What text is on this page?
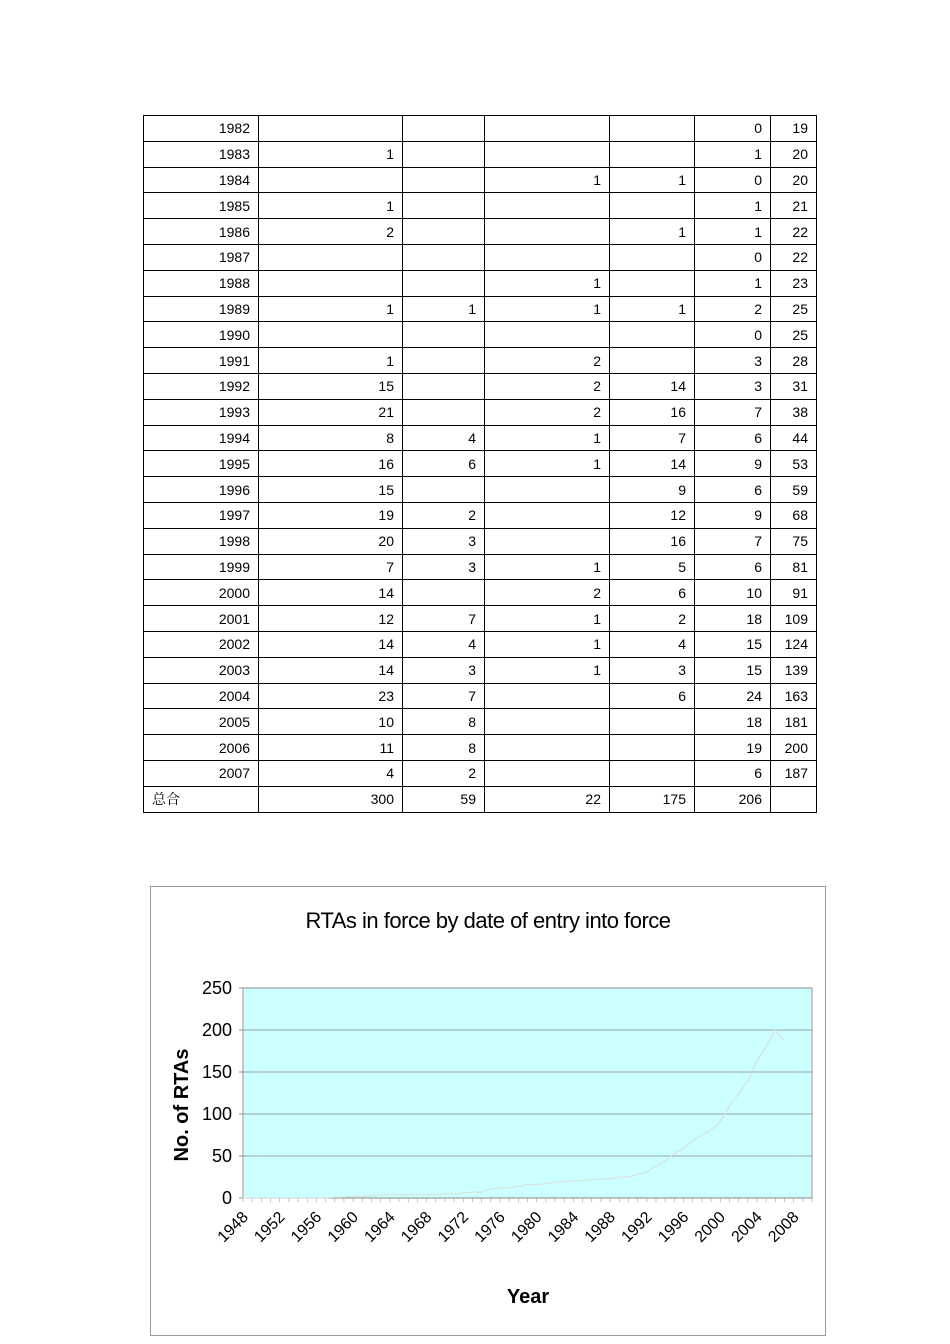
1982					0	19
1983	1				1	20
1984			1	1	0	20
1985	1				1	21
1986	2			1	1	22
1987					0	22
1988			1		1	23
1989	1	1	1	1	2	25
1990					0	25
1991	1		2		3	28
1992	15		2	14	3	31
1993	21		2	16	7	38
1994	8	4	1	7	6	44
1995	16	6	1	14	9	53
1996	15			9	6	59
1997	19	2		12	9	68
1998	20	3		16	7	75
1999	7	3	1	5	6	81
2000	14		2	6	10	91
2001	12	7	1	2	18	109
2002	14	4	1	4	15	124
2003	14	3	1	3	15	139
2004	23	7		6	24	163
2005	10	8			18	181
2006	11	8			19	200
2007	4	2			6	187
总合	300	59	22	175	206	
RTAs in force by date of entry into force
No. of RTAs
Year
0
50
100
150
200
250
1948 1952 1956 1960 1964 1968 1972 1976 1980 1984 1988 1992 1996 2000 2004 2008
